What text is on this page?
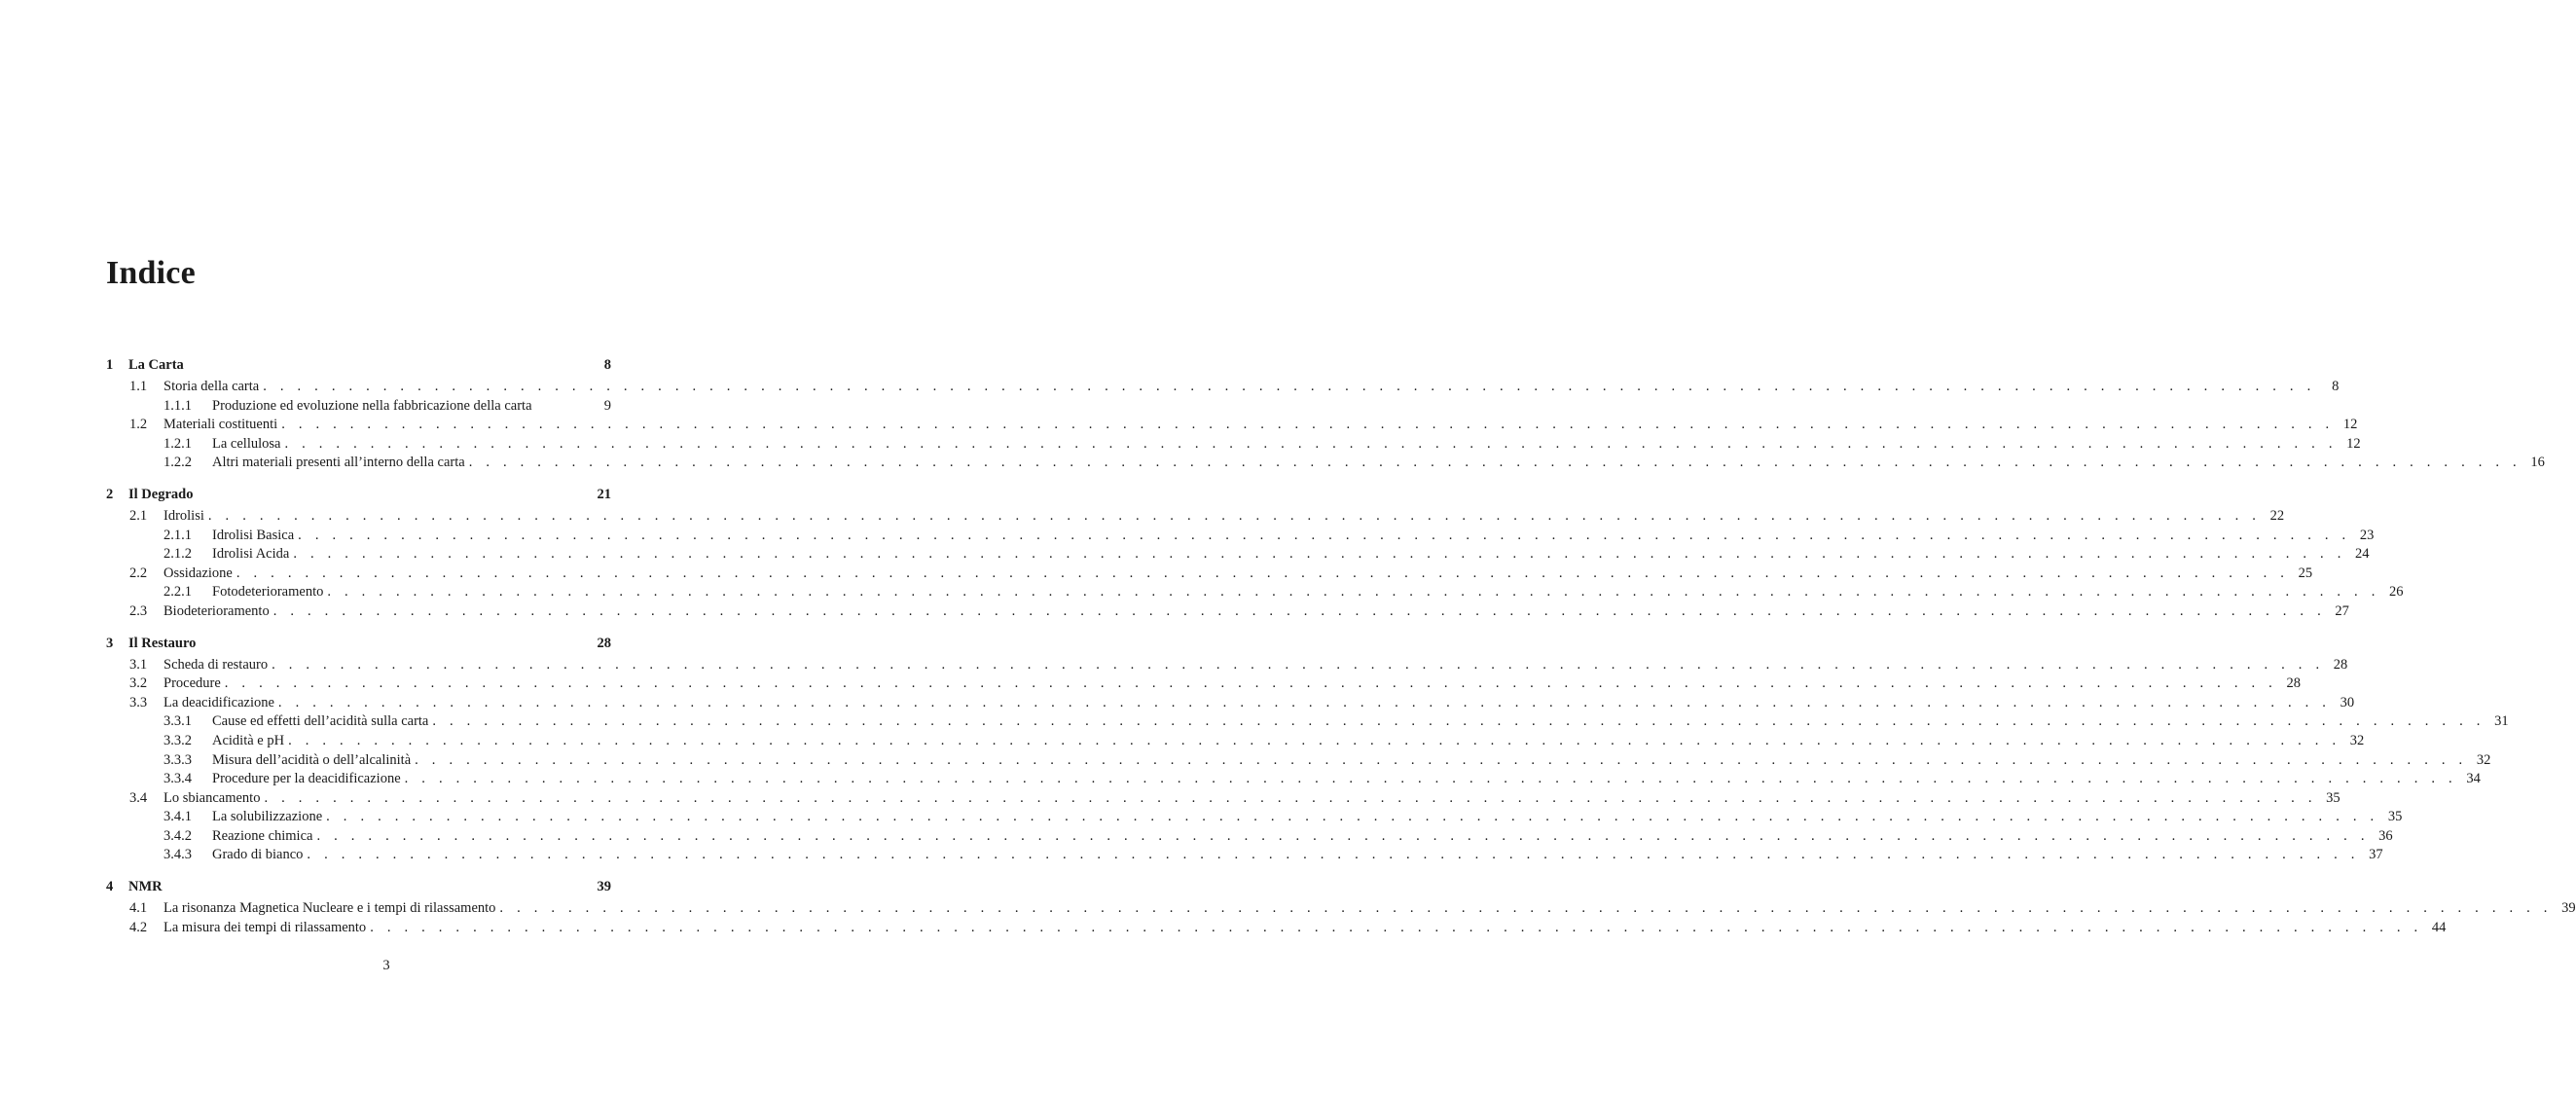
Indice
1	La Carta	8
1.1	Storia della carta . . . . . . . . . . . . . . . . . . . . . . . . . . . . . . . . . . . . . . . . . . . . . . . . . . . . . . . . . . . . . . . . . . . . . . . . . . . . . . . . . . . . . . . . . . . . . . . . . . . . . . . . . . . . . . . . . . . . . . . .	8
1.1.1	Produzione ed evoluzione nella fabbricazione della carta	9
1.2	Materiali costituenti . . . . . . . . . . . . . . . . . . . . . . . . . . . . . . . . . . . . . . . . . . . . . . . . . . . . . . . . . . . . . . . . . . . . . . . . . . . . . . . . . . . . . . . . . . . . . . . . . . . . . . . . . . . . . . . . . . . . . . . . 12
1.2.1	La cellulosa . . . . . . . . . . . . . . . . . . . . . . . . . . . . . . . . . . . . . . . . . . . . . . . . . . . . . . . . . . . . . . . . . . . . . . . . . . . . . . . . . . . . . . . . . . . . . . . . . . . . . . . . . . . . . . . . . . . . . . . . 12
1.2.2	Altri materiali presenti all’interno della carta . . . . . . . . . . . . . . . . . . . . . . . . . . . . . . . . . . . . . . . . . . . . . . . . . . . . . . . . . . . . . . . . . . . . . . . . . . . . . . . . . . . . . . . . . . . . . . . . . . . . . . . . . . . . . . . . . . . . . . . . 16
2	Il Degrado	21
2.1	Idrolisi . . . . . . . . . . . . . . . . . . . . . . . . . . . . . . . . . . . . . . . . . . . . . . . . . . . . . . . . . . . . . . . . . . . . . . . . . . . . . . . . . . . . . . . . . . . . . . . . . . . . . . . . . . . . . . . . . . . . . . . . 22
2.1.1	Idrolisi Basica . . . . . . . . . . . . . . . . . . . . . . . . . . . . . . . . . . . . . . . . . . . . . . . . . . . . . . . . . . . . . . . . . . . . . . . . . . . . . . . . . . . . . . . . . . . . . . . . . . . . . . . . . . . . . . . . . . . . . . . . 23
2.1.2	Idrolisi Acida . . . . . . . . . . . . . . . . . . . . . . . . . . . . . . . . . . . . . . . . . . . . . . . . . . . . . . . . . . . . . . . . . . . . . . . . . . . . . . . . . . . . . . . . . . . . . . . . . . . . . . . . . . . . . . . . . . . . . . . . 24
2.2	Ossidazione . . . . . . . . . . . . . . . . . . . . . . . . . . . . . . . . . . . . . . . . . . . . . . . . . . . . . . . . . . . . . . . . . . . . . . . . . . . . . . . . . . . . . . . . . . . . . . . . . . . . . . . . . . . . . . . . . . . . . . . . 25
2.2.1	Fotodeterioramento . . . . . . . . . . . . . . . . . . . . . . . . . . . . . . . . . . . . . . . . . . . . . . . . . . . . . . . . . . . . . . . . . . . . . . . . . . . . . . . . . . . . . . . . . . . . . . . . . . . . . . . . . . . . . . . . . . . . . . . . 26
2.3	Biodeterioramento . . . . . . . . . . . . . . . . . . . . . . . . . . . . . . . . . . . . . . . . . . . . . . . . . . . . . . . . . . . . . . . . . . . . . . . . . . . . . . . . . . . . . . . . . . . . . . . . . . . . . . . . . . . . . . . . . . . . . . . . 27
3	Il Restauro	28
3.1	Scheda di restauro . . . . . . . . . . . . . . . . . . . . . . . . . . . . . . . . . . . . . . . . . . . . . . . . . . . . . . . . . . . . . . . . . . . . . . . . . . . . . . . . . . . . . . . . . . . . . . . . . . . . . . . . . . . . . . . . . . . . . . . . 28
3.2	Procedure . . . . . . . . . . . . . . . . . . . . . . . . . . . . . . . . . . . . . . . . . . . . . . . . . . . . . . . . . . . . . . . . . . . . . . . . . . . . . . . . . . . . . . . . . . . . . . . . . . . . . . . . . . . . . . . . . . . . . . . . 28
3.3	La deacidificazione . . . . . . . . . . . . . . . . . . . . . . . . . . . . . . . . . . . . . . . . . . . . . . . . . . . . . . . . . . . . . . . . . . . . . . . . . . . . . . . . . . . . . . . . . . . . . . . . . . . . . . . . . . . . . . . . . . . . . . . . 30
3.3.1	Cause ed effetti dell’acidità sulla carta . . . . . . . . . . . . . . . . . . . . . . . . . . . . . . . . . . . . . . . . . . . . . . . . . . . . . . . . . . . . . . . . . . . . . . . . . . . . . . . . . . . . . . . . . . . . . . . . . . . . . . . . . . . . . . . . . . . . . . . . 31
3.3.2	Acidità e pH . . . . . . . . . . . . . . . . . . . . . . . . . . . . . . . . . . . . . . . . . . . . . . . . . . . . . . . . . . . . . . . . . . . . . . . . . . . . . . . . . . . . . . . . . . . . . . . . . . . . . . . . . . . . . . . . . . . . . . . . 32
3.3.3	Misura dell’acidità o dell’alcalinità . . . . . . . . . . . . . . . . . . . . . . . . . . . . . . . . . . . . . . . . . . . . . . . . . . . . . . . . . . . . . . . . . . . . . . . . . . . . . . . . . . . . . . . . . . . . . . . . . . . . . . . . . . . . . . . . . . . . . . . . 32
3.3.4	Procedure per la deacidificazione . . . . . . . . . . . . . . . . . . . . . . . . . . . . . . . . . . . . . . . . . . . . . . . . . . . . . . . . . . . . . . . . . . . . . . . . . . . . . . . . . . . . . . . . . . . . . . . . . . . . . . . . . . . . . . . . . . . . . . . . 34
3.4	Lo sbiancamento . . . . . . . . . . . . . . . . . . . . . . . . . . . . . . . . . . . . . . . . . . . . . . . . . . . . . . . . . . . . . . . . . . . . . . . . . . . . . . . . . . . . . . . . . . . . . . . . . . . . . . . . . . . . . . . . . . . . . . . . 35
3.4.1	La solubilizzazione . . . . . . . . . . . . . . . . . . . . . . . . . . . . . . . . . . . . . . . . . . . . . . . . . . . . . . . . . . . . . . . . . . . . . . . . . . . . . . . . . . . . . . . . . . . . . . . . . . . . . . . . . . . . . . . . . . . . . . . . 35
3.4.2	Reazione chimica . . . . . . . . . . . . . . . . . . . . . . . . . . . . . . . . . . . . . . . . . . . . . . . . . . . . . . . . . . . . . . . . . . . . . . . . . . . . . . . . . . . . . . . . . . . . . . . . . . . . . . . . . . . . . . . . . . . . . . . . 36
3.4.3	Grado di bianco . . . . . . . . . . . . . . . . . . . . . . . . . . . . . . . . . . . . . . . . . . . . . . . . . . . . . . . . . . . . . . . . . . . . . . . . . . . . . . . . . . . . . . . . . . . . . . . . . . . . . . . . . . . . . . . . . . . . . . . . 37
4	NMR	39
4.1	La risonanza Magnetica Nucleare e i tempi di rilassamento . . . . . . . . . . . . . . . . . . . . . . . . . . . . . . . . . . . . . . . . . . . . . . . . . . . . . . . . . . . . . . . . . . . . . . . . . . . . . . . . . . . . . . . . . . . . . . . . . . . . . . . . . . . . . . . . . . . . . . . . 39
4.2	La misura dei tempi di rilassamento . . . . . . . . . . . . . . . . . . . . . . . . . . . . . . . . . . . . . . . . . . . . . . . . . . . . . . . . . . . . . . . . . . . . . . . . . . . . . . . . . . . . . . . . . . . . . . . . . . . . . . . . . . . . . . . . . . . . . . . . 44
3
